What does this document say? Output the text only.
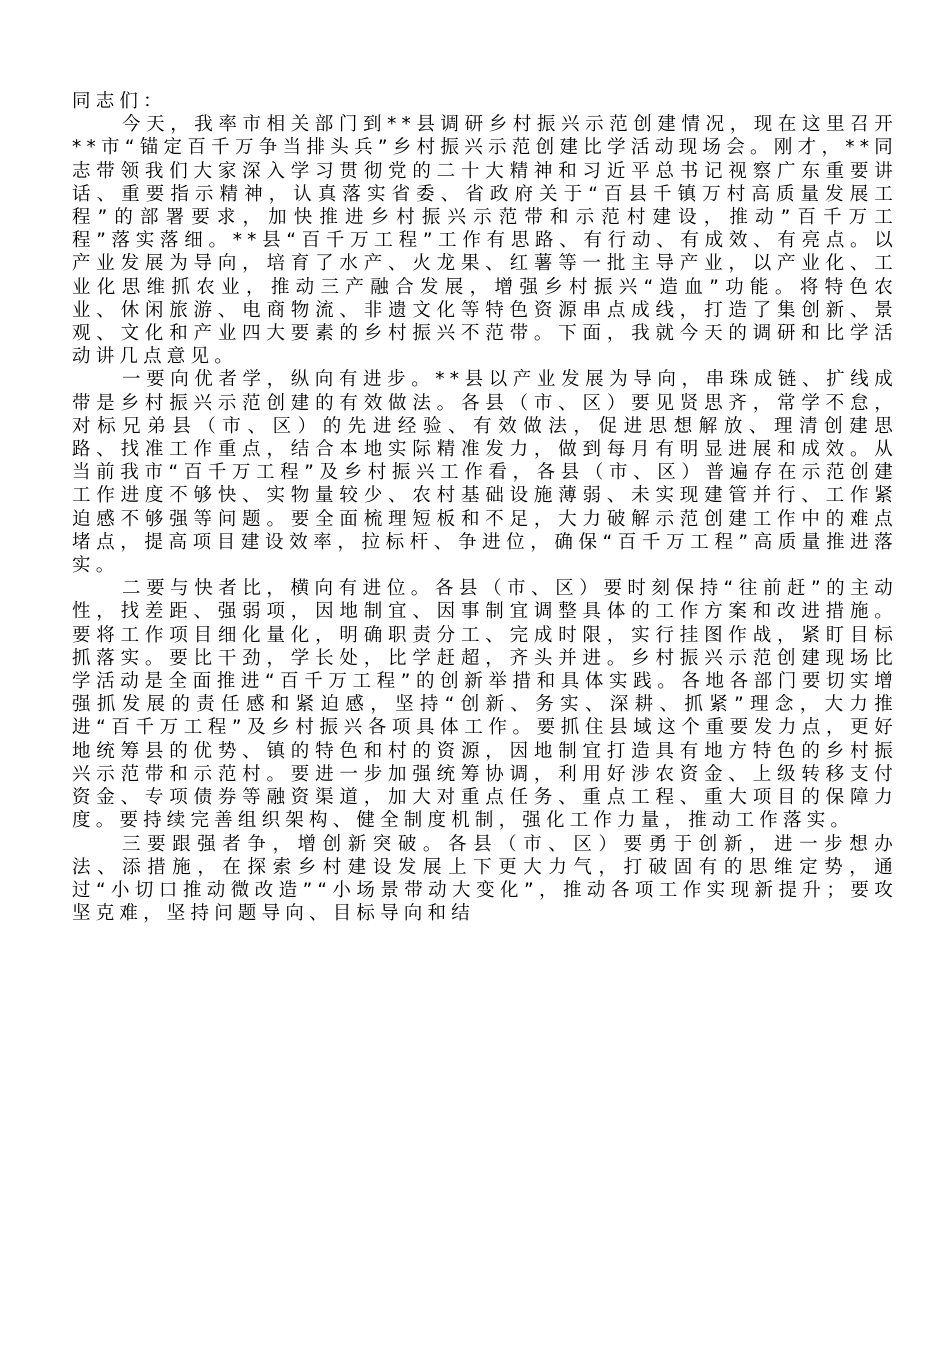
同志们：

今天，我率市相关部门到**县调研乡村振兴示范创建情况，现在这里召开**市“锚定百千万争当排头兵”乡村振兴示范创建比学活动现场会。刚才，**同志带领我们大家深入学习贯彻党的二十大精神和习近平总书记视察广东重要讲话、重要指示精神，认真落实省委、省政府关于“百县千镇万村高质量发展工程”的部署要求，加快推进乡村振兴示范带和示范村建设，推动”百千万工程”落实落细。**县“百千万工程”工作有思路、有行动、有成效、有亮点。以产业发展为导向，培育了水产、火龙果、红薯等一批主导产业，以产业化、工业化思维抓农业，推动三产融合发展，增强乡村振兴“造血”功能。将特色农业、休闲旅游、电商物流、非遗文化等特色资源串点成线，打造了集创新、景观、文化和产业四大要素的乡村振兴不范带。下面，我就今天的调研和比学活动讲几点意见。

一要向优者学，纵向有进步。**县以产业发展为导向，串珠成链、扩线成带是乡村振兴示范创建的有效做法。各县（市、区）要见贤思齐，常学不怠，对标兄弟县（市、区）的先进经验、有效做法，促进思想解放、理清创建思路、找准工作重点，结合本地实际精准发力，做到每月有明显进展和成效。从当前我市“百千万工程”及乡村振兴工作看，各县（市、区）普遍存在示范创建工作进度不够快、实物量较少、农村基础设施薄弱、未实现建管并行、工作紧迫感不够强等问题。要全面梳理短板和不足，大力破解示范创建工作中的难点堵点，提高项目建设效率，拉标杆、争进位，确保“百千万工程”高质量推进落实。

二要与快者比，横向有进位。各县（市、区）要时刻保持“往前赶”的主动性，找差距、强弱项，因地制宜、因事制宜调整具体的工作方案和改进措施。要将工作项目细化量化，明确职责分工、完成时限，实行挂图作战，紧盯目标抓落实。要比干劲，学长处，比学赶超，齐头并进。乡村振兴示范创建现场比学活动是全面推进“百千万工程”的创新举措和具体实践。各地各部门要切实增强抓发展的责任感和紧迫感，坚持“创新、务实、深耕、抓紧”理念，大力推进“百千万工程”及乡村振兴各项具体工作。要抓住县域这个重要发力点，更好地统筹县的优势、镇的特色和村的资源，因地制宜打造具有地方特色的乡村振兴示范带和示范村。要进一步加强统筹协调，利用好涉农资金、上级转移支付资金、专项债券等融资渠道，加大对重点任务、重点工程、重大项目的保障力度。要持续完善组织架构、健全制度机制，强化工作力量，推动工作落实。

三要跟强者争，增创新突破。各县（市、区）要勇于创新，进一步想办法、添措施，在探索乡村建设发展上下更大力气，打破固有的思维定势，通过“小切口推动微改造”“小场景带动大变化”，推动各项工作实现新提升；要攻坚克难，坚持问题导向、目标导向和结
